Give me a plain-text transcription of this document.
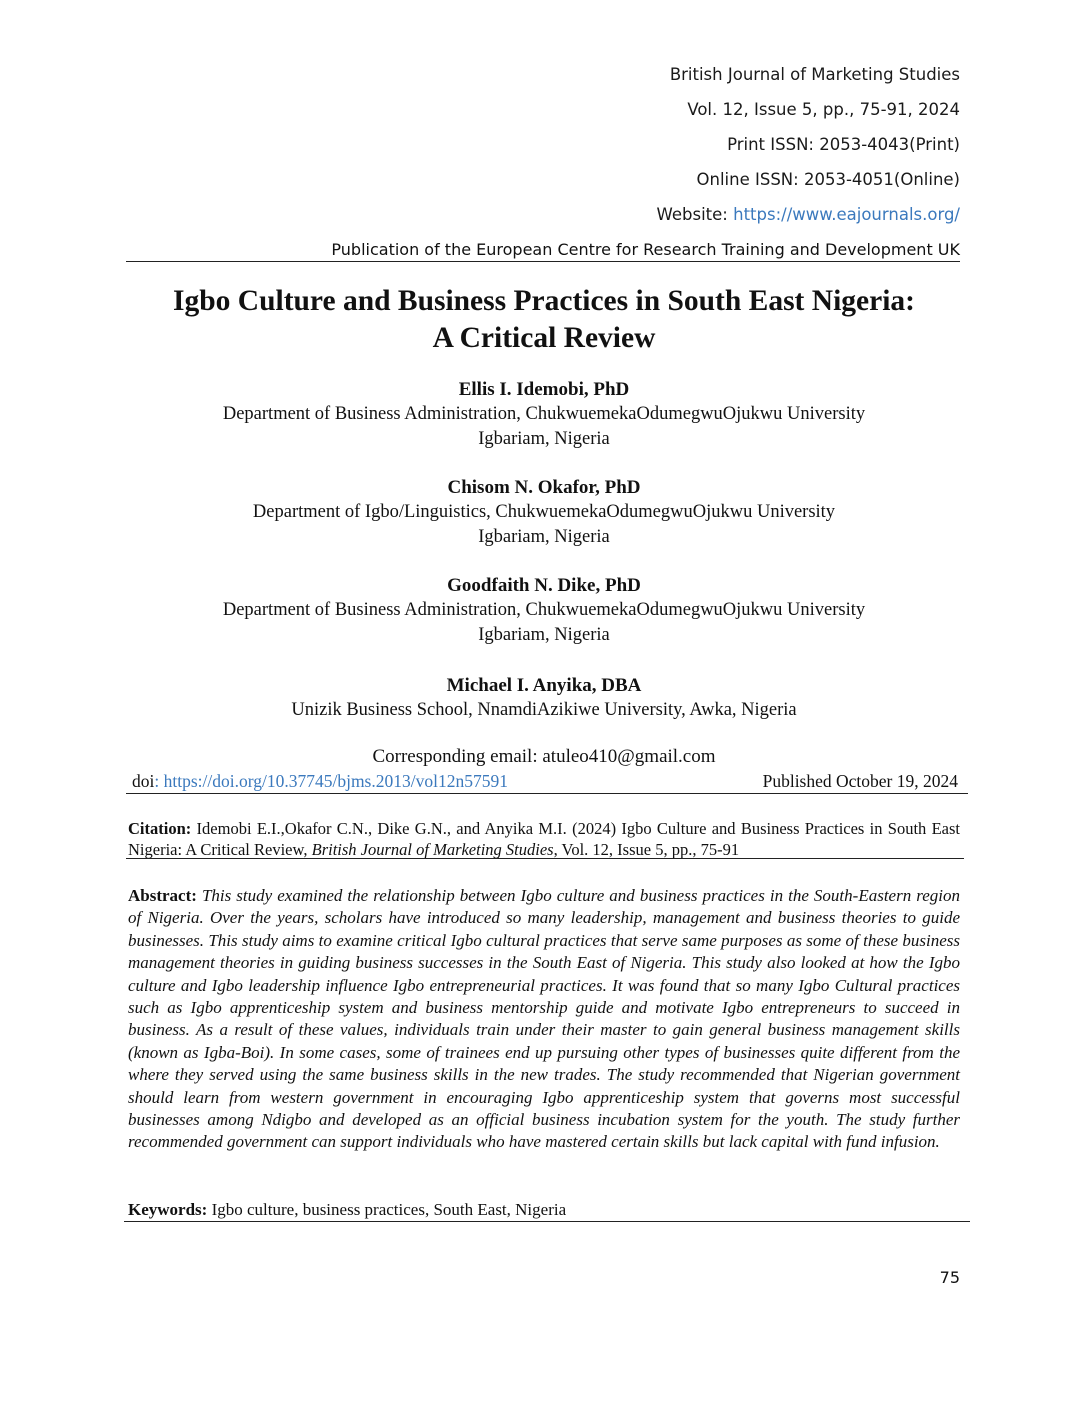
British Journal of Marketing Studies
Vol. 12, Issue 5, pp., 75-91, 2024
Print ISSN: 2053-4043(Print)
Online ISSN: 2053-4051(Online)
Website: https://www.eajournals.org/
Publication of the European Centre for Research Training and Development UK
Igbo Culture and Business Practices in South East Nigeria:
A Critical Review
Ellis I. Idemobi, PhD
Department of Business Administration, ChukwuemekaOdumegwuOjukwu University
Igbariam, Nigeria
Chisom N. Okafor, PhD
Department of Igbo/Linguistics, ChukwuemekaOdumegwuOjukwu University
Igbariam, Nigeria
Goodfaith N. Dike, PhD
Department of Business Administration, ChukwuemekaOdumegwuOjukwu University
Igbariam, Nigeria
Michael I. Anyika, DBA
Unizik Business School, NnamdiAzikiwe University, Awka, Nigeria
Corresponding email: atuleo410@gmail.com
doi: https://doi.org/10.37745/bjms.2013/vol12n57591	Published October 19, 2024
Citation: Idemobi E.I.,Okafor C.N., Dike G.N., and Anyika M.I. (2024) Igbo Culture and Business Practices in South East Nigeria: A Critical Review, British Journal of Marketing Studies, Vol. 12, Issue 5, pp., 75-91
Abstract: This study examined the relationship between Igbo culture and business practices in the South-Eastern region of Nigeria. Over the years, scholars have introduced so many leadership, management and business theories to guide businesses. This study aims to examine critical Igbo cultural practices that serve same purposes as some of these business management theories in guiding business successes in the South East of Nigeria. This study also looked at how the Igbo culture and Igbo leadership influence Igbo entrepreneurial practices. It was found that so many Igbo Cultural practices such as Igbo apprenticeship system and business mentorship guide and motivate Igbo entrepreneurs to succeed in business. As a result of these values, individuals train under their master to gain general business management skills (known as Igba-Boi). In some cases, some of trainees end up pursuing other types of businesses quite different from the where they served using the same business skills in the new trades. The study recommended that Nigerian government should learn from western government in encouraging Igbo apprenticeship system that governs most successful businesses among Ndigbo and developed as an official business incubation system for the youth. The study further recommended government can support individuals who have mastered certain skills but lack capital with fund infusion.
Keywords: Igbo culture, business practices, South East, Nigeria
75
